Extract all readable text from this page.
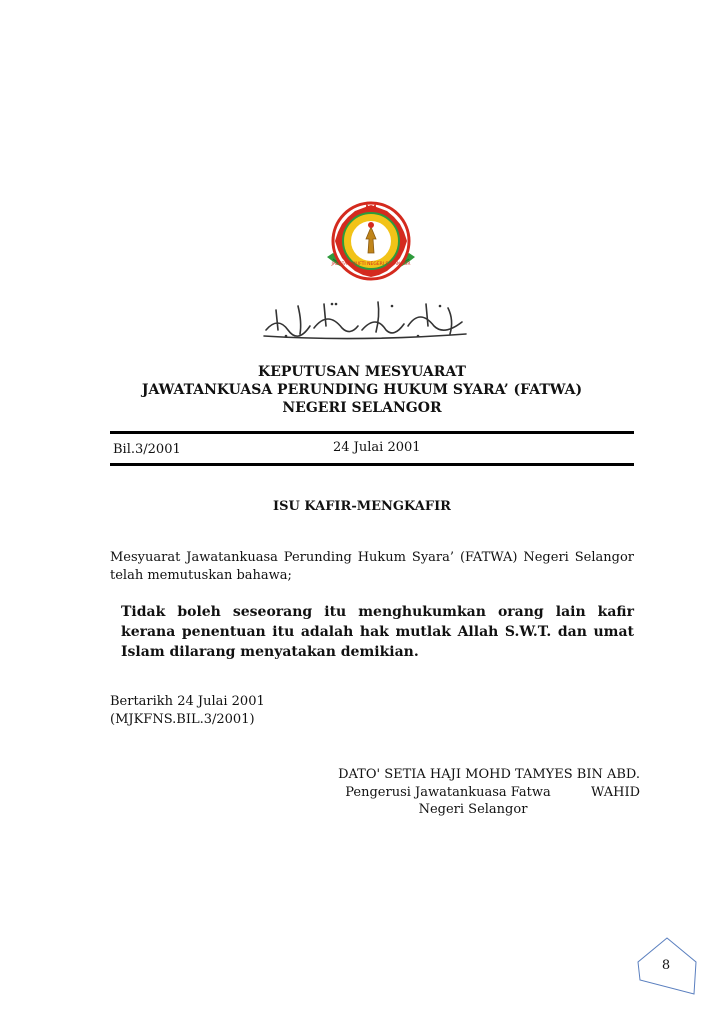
JABATAN MUFTI NEGERI SELANGOR
KEPUTUSAN MESYUARAT
JAWATANKUASA PERUNDING HUKUM SYARA’ (FATWA)
NEGERI SELANGOR
Bil.3/2001	24 Julai 2001
ISU KAFIR-MENGKAFIR
Mesyuarat Jawatankuasa Perunding Hukum Syara’ (FATWA) Negeri Selangor telah memutuskan bahawa;
Tidak boleh seseorang itu menghukumkan orang lain kafir kerana penentuan itu adalah hak mutlak Allah S.W.T. dan umat Islam dilarang menyatakan demikian.
Bertarikh 24 Julai 2001
(MJKFNS.BIL.3/2001)
DATO' SETIA HAJI MOHD TAMYES BIN ABD. WAHID
Pengerusi Jawatankuasa Fatwa
Negeri Selangor
8
